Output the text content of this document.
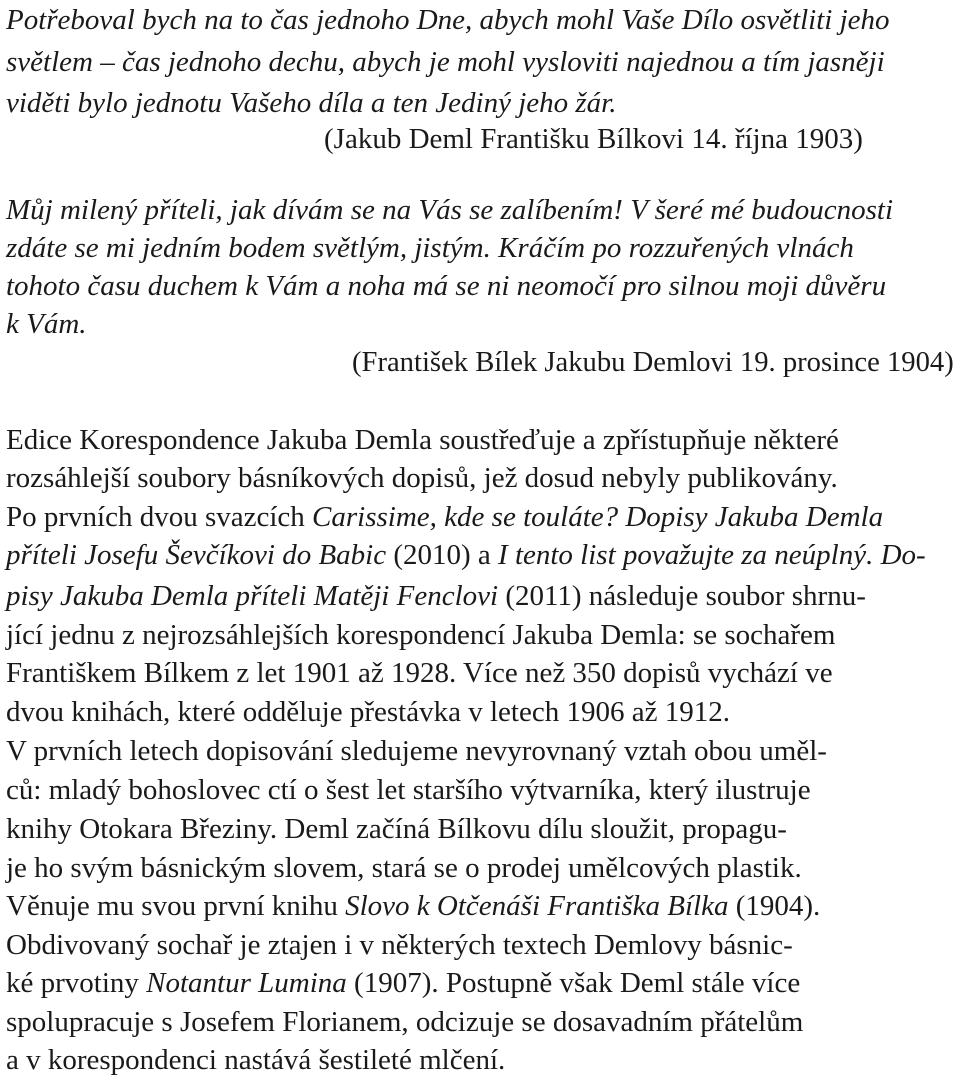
Potřeboval bych na to čas jednoho Dne, abych mohl Vaše Dílo osvětliti jeho
světlem – čas jednoho dechu, abych je mohl vysloviti najednou a tím jasněji
viděti bylo jednotu Vašeho díla a ten Jediný jeho žár.
(Jakub Deml Františku Bílkovi 14. října 1903)
Můj milený příteli, jak dívám se na Vás se zalíbením! V šeré mé budoucnosti
zdáte se mi jedním bodem světlým, jistým. Kráčím po rozzuřených vlnách
tohoto času duchem k Vám a noha má se ni neomočí pro silnou moji důvěru
k Vám.
(František Bílek Jakubu Demlovi 19. prosince 1904)
Edice Korespondence Jakuba Demla soustřeďuje a zpřístupňuje některé
rozsáhlejší soubory básníkových dopisů, jež dosud nebyly publikovány.
Po prvních dvou svazcích Carissime, kde se touláte? Dopisy Jakuba Demla
příteli Josefu Ševčíkovi do Babic (2010) a I tento list považujte za neúplný. Do-
pisy Jakuba Demla příteli Matěji Fenclovi (2011) následuje soubor shrnu-
jící jednu z nejrozsáhlejších korespondencí Jakuba Demla: se sochařem
Františkem Bílkem z let 1901 až 1928. Více než 350 dopisů vychází ve
dvou knihách, které odděluje přestávka v letech 1906 až 1912.
V prvních letech dopisování sledujeme nevyrovnaný vztah obou uměl-
ců: mladý bohoslovec ctí o šest let staršího výtvarníka, který ilustruje
knihy Otokara Březiny. Deml začíná Bílkovu dílu sloužit, propagu-
je ho svým básnickým slovem, stará se o prodej umělcových plastik.
Věnuje mu svou první knihu Slovo k Otčenáši Františka Bílka (1904).
Obdivovaný sochař je ztajen i v některých textech Demlovy básnic-
ké prvotiny Notantur Lumina (1907). Postupně však Deml stále více
spolupracuje s Josefem Florianem, odcizuje se dosavadním přátelům
a v korespondenci nastává šestileté mlčení.
